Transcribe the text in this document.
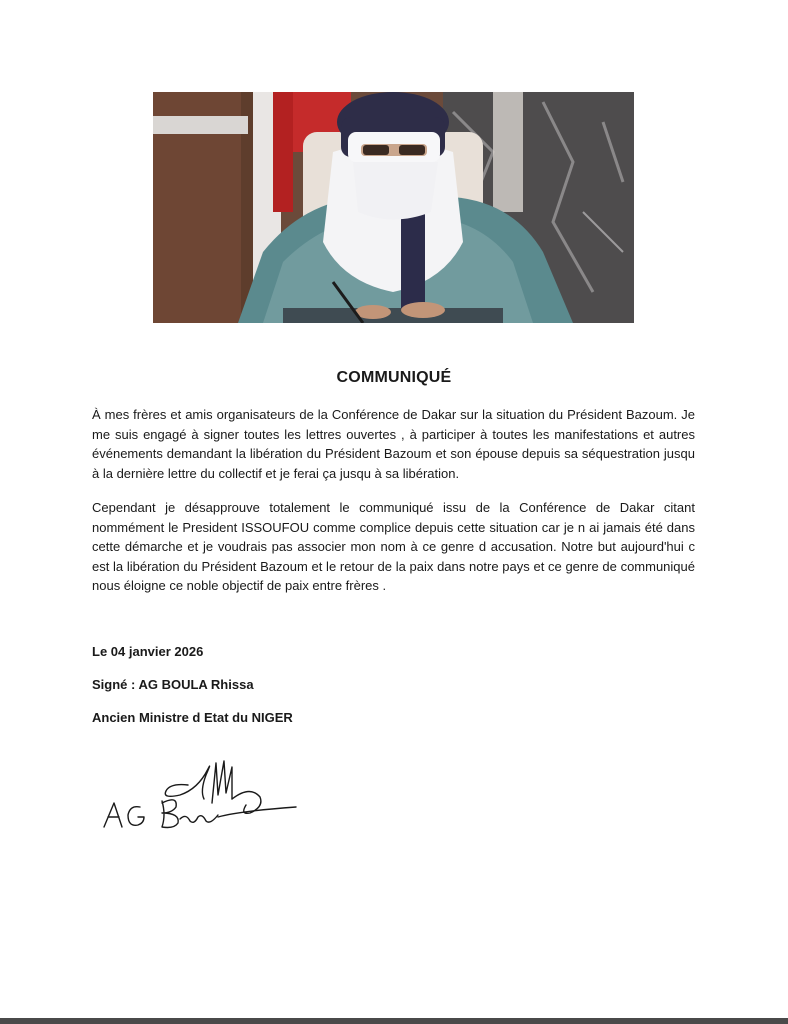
COMMUNIQUÉ

À mes frères et amis organisateurs de la Conférence de Dakar sur la situation du Président Bazoum. Je me suis engagé à signer toutes les lettres ouvertes , à participer à toutes les manifestations et autres événements demandant la libération du Président Bazoum et son épouse depuis sa séquestration jusqu à la dernière lettre du collectif et je ferai ça jusqu à sa libération.

Cependant je désapprouve totalement le communiqué issu de la Conférence de Dakar citant nommément le President ISSOUFOU comme complice depuis cette situation car je n ai jamais été dans cette démarche et je voudrais pas associer mon nom à ce genre d accusation. Notre but aujourd'hui c est la libération du Président Bazoum et le retour de la paix dans notre pays et ce genre de communiqué nous éloigne ce noble objectif de paix entre frères .

Le 04 janvier 2026

Signé : AG BOULA Rhissa

Ancien Ministre d Etat du NIGER
